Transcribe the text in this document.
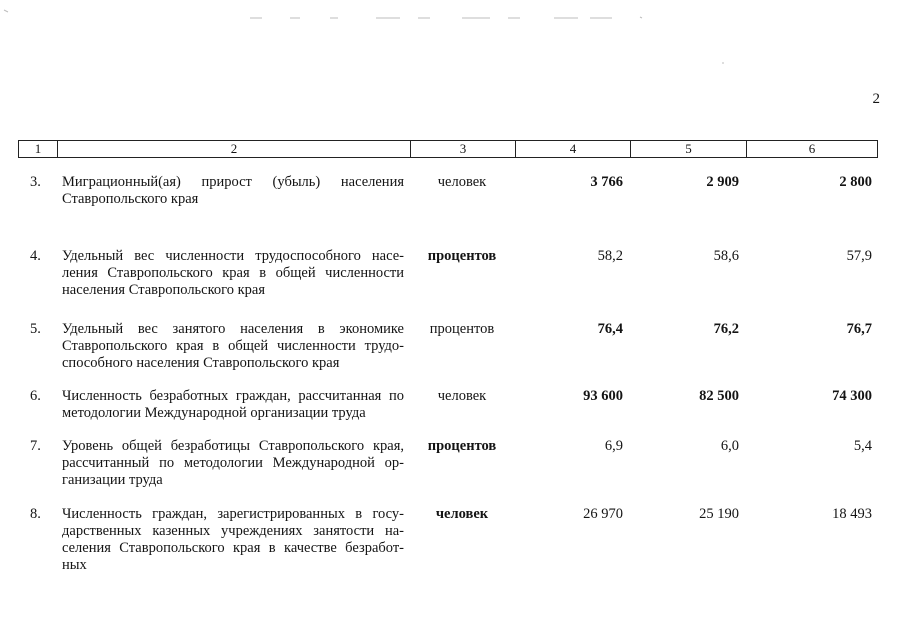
2
1	2	3	4	5	6
3.	Миграционный(ая) прирост (убыль) населения
Ставропольского края
человек	3 766	2 909	2 800
4.	Удельный вес численности трудоспособного насе-
ления Ставропольского края в общей численности
населения Ставропольского края
процентов	58,2	58,6	57,9
5.	Удельный вес занятого населения в экономике
Ставропольского края в общей численности трудо-
способного населения Ставропольского края
процентов	76,4	76,2	76,7
6.	Численность безработных граждан, рассчитанная по
методологии Международной организации труда
человек	93 600	82 500	74 300
7.	Уровень общей безработицы Ставропольского края,
рассчитанный по методологии Международной ор-
ганизации труда
процентов	6,9	6,0	5,4
8.	Численность граждан, зарегистрированных в госу-
дарственных казенных учреждениях занятости на-
селения Ставропольского края в качестве безработ-
ных
человек	26 970	25 190	18 493
